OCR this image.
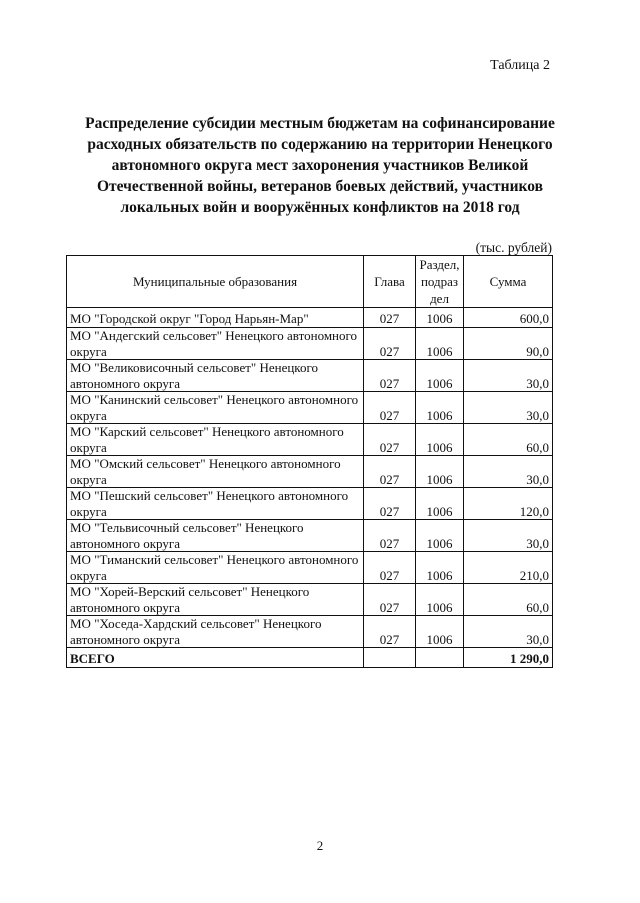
Таблица 2
Распределение субсидии местным бюджетам на софинансирование
расходных обязательств по содержанию на территории Ненецкого
автономного округа мест захоронения участников Великой
Отечественной войны, ветеранов боевых действий, участников
локальных войн и вооружённых конфликтов на 2018 год
(тыс. рублей)
Муниципальные образования	Глава	Раздел, подраз дел	Сумма
МО "Городской округ "Город Нарьян-Мар"	027	1006	600,0
МО "Андегский сельсовет" Ненецкого автономного округа	027	1006	90,0
МО "Великовисочный сельсовет" Ненецкого автономного округа	027	1006	30,0
МО "Канинский сельсовет" Ненецкого автономного округа	027	1006	30,0
МО "Карский сельсовет" Ненецкого автономного округа	027	1006	60,0
МО "Омский сельсовет" Ненецкого автономного округа	027	1006	30,0
МО "Пешский сельсовет" Ненецкого автономного округа	027	1006	120,0
МО "Тельвисочный сельсовет" Ненецкого автономного округа	027	1006	30,0
МО "Тиманский сельсовет" Ненецкого автономного округа	027	1006	210,0
МО "Хорей-Верский сельсовет" Ненецкого автономного округа	027	1006	60,0
МО "Хоседа-Хардский сельсовет" Ненецкого автономного округа	027	1006	30,0
ВСЕГО			1 290,0
2
